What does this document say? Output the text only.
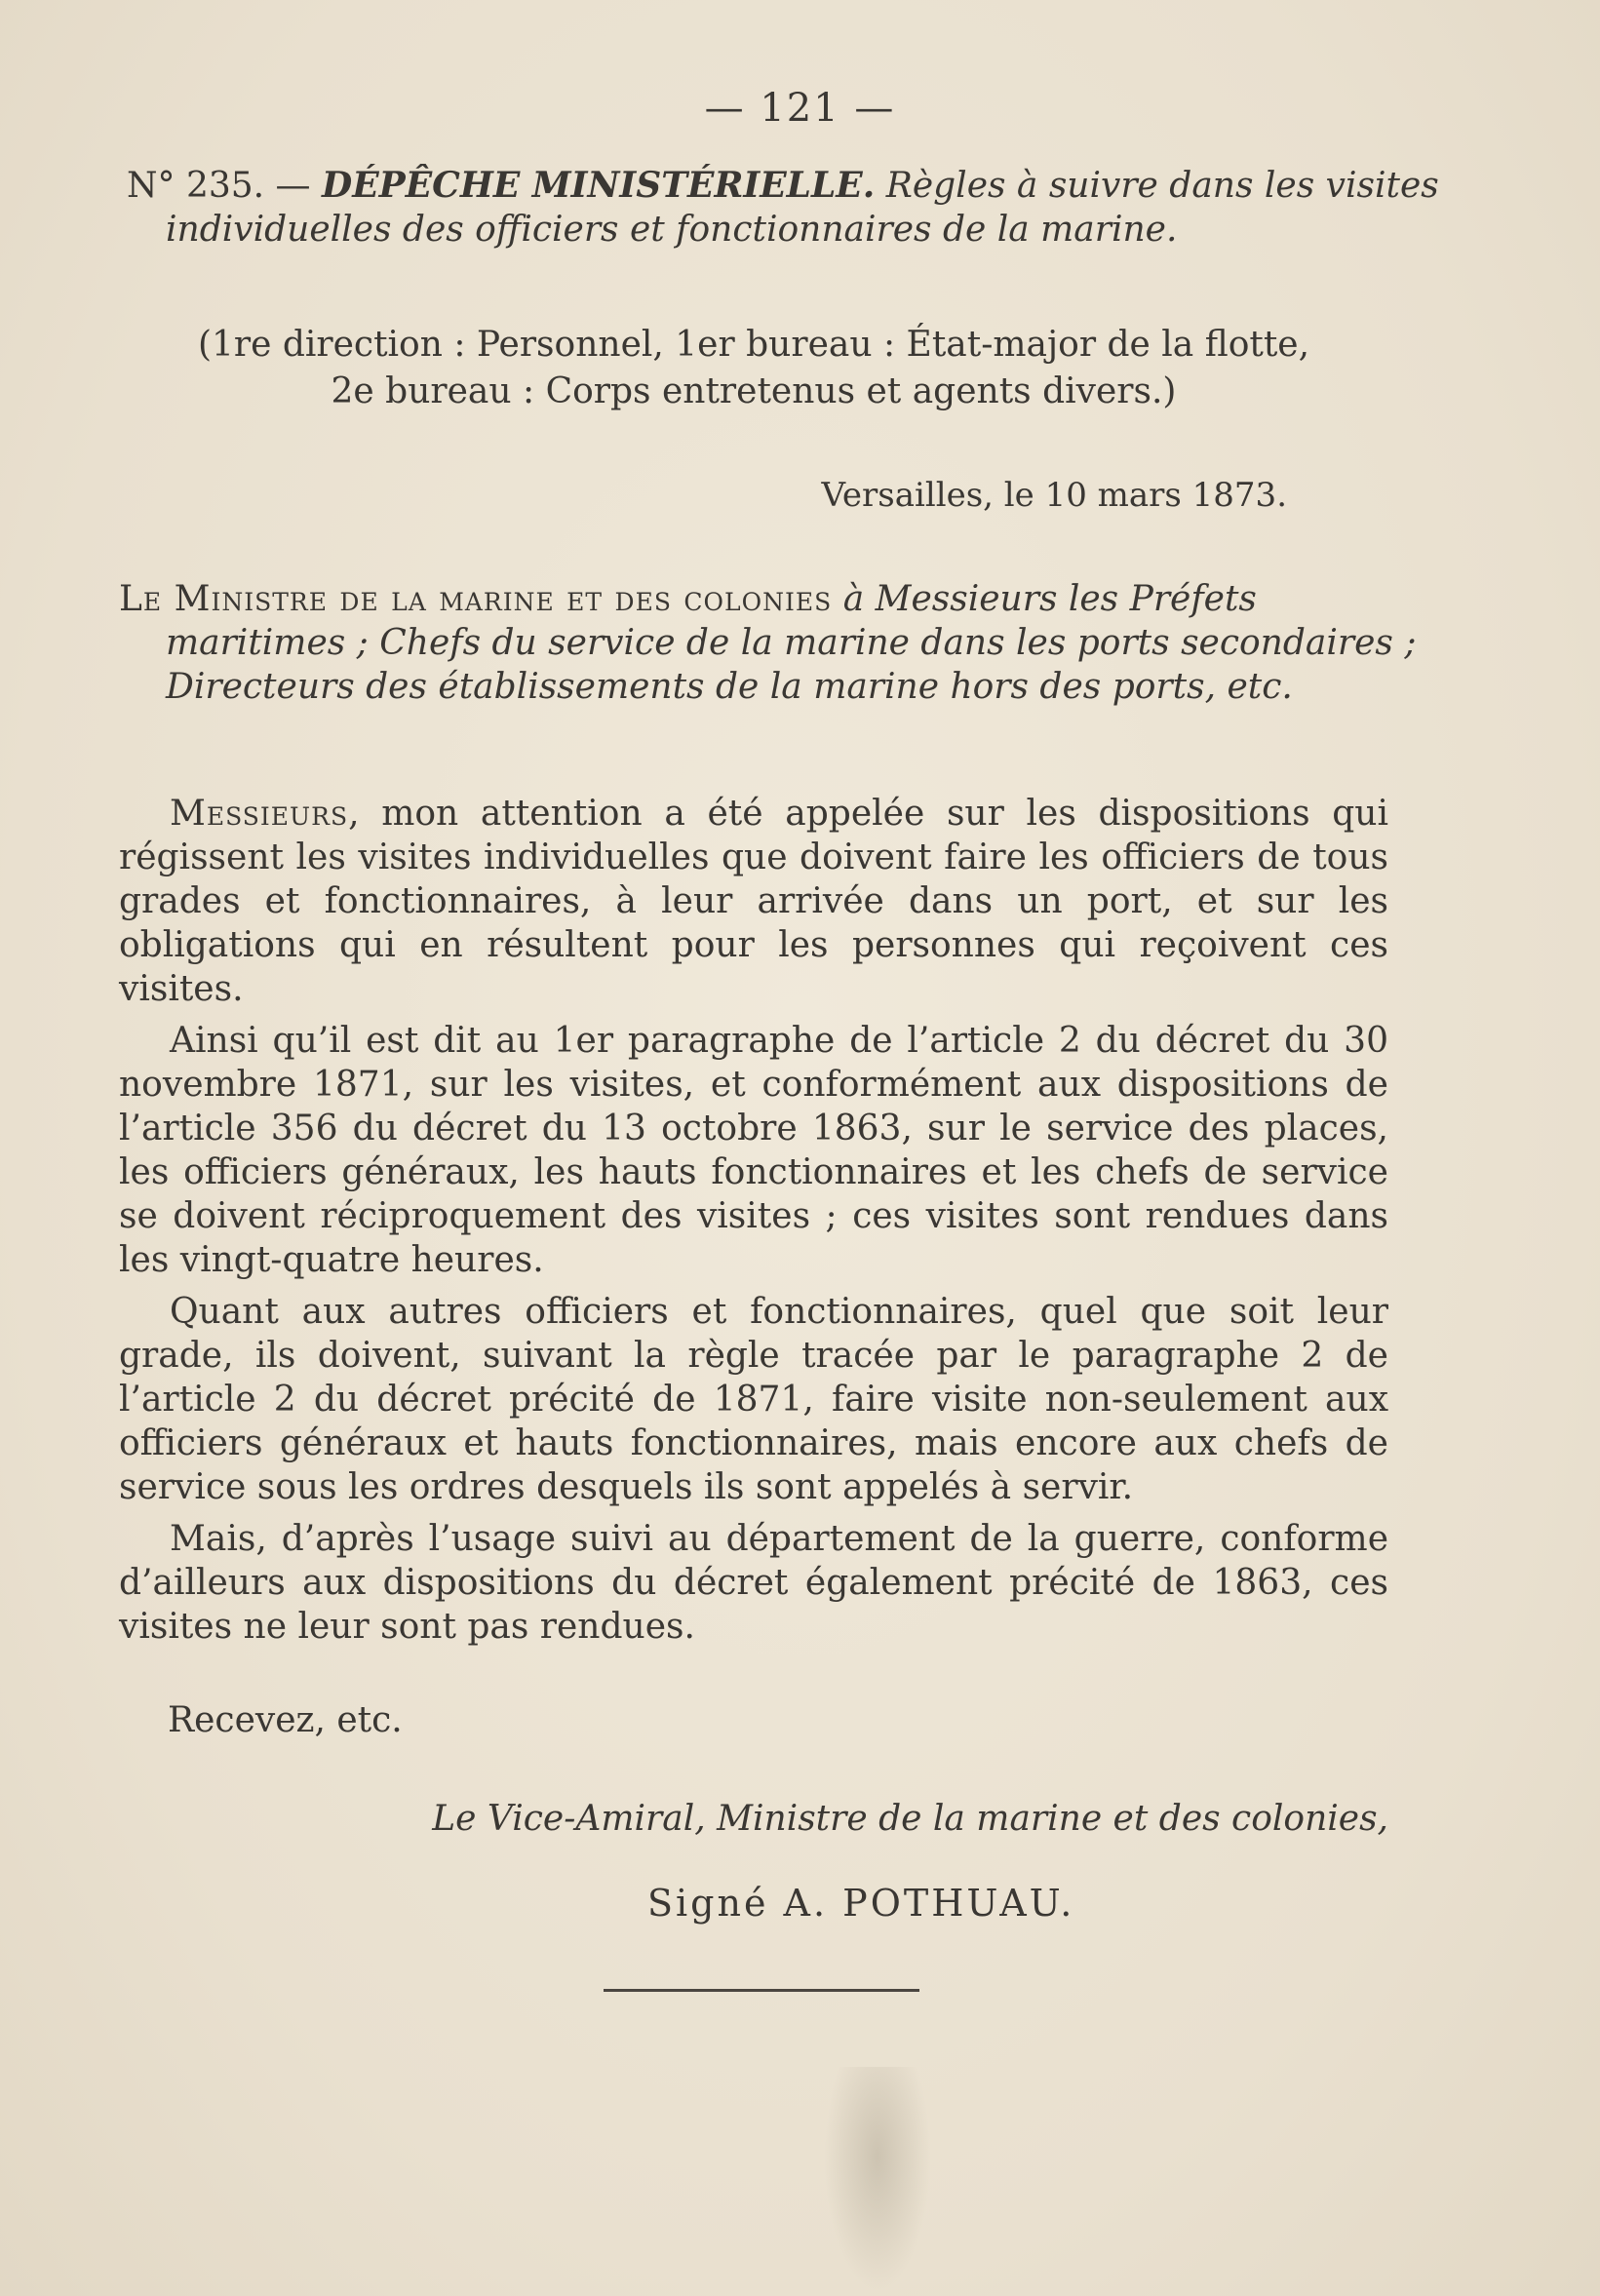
— 121 —
N° 235. — DÉPÊCHE MINISTÉRIELLE. Règles à suivre dans les visites individuelles des officiers et fonctionnaires de la marine.
(1re direction : Personnel, 1er bureau : État-major de la flotte,
2e bureau : Corps entretenus et agents divers.)
Versailles, le 10 mars 1873.
Le Ministre de la marine et des colonies à Messieurs les Préfets maritimes ; Chefs du service de la marine dans les ports secondaires ; Directeurs des établissements de la marine hors des ports, etc.

Messieurs, mon attention a été appelée sur les dispositions qui régissent les visites individuelles que doivent faire les officiers de tous grades et fonctionnaires, à leur arrivée dans un port, et sur les obligations qui en résultent pour les personnes qui reçoivent ces visites.

Ainsi qu’il est dit au 1er paragraphe de l’article 2 du décret du 30 novembre 1871, sur les visites, et conformément aux dispositions de l’article 356 du décret du 13 octobre 1863, sur le service des places, les officiers généraux, les hauts fonctionnaires et les chefs de service se doivent réciproquement des visites ; ces visites sont rendues dans les vingt-quatre heures.

Quant aux autres officiers et fonctionnaires, quel que soit leur grade, ils doivent, suivant la règle tracée par le paragraphe 2 de l’article 2 du décret précité de 1871, faire visite non-seulement aux officiers généraux et hauts fonctionnaires, mais encore aux chefs de service sous les ordres desquels ils sont appelés à servir.

Mais, d’après l’usage suivi au département de la guerre, conforme d’ailleurs aux dispositions du décret également précité de 1863, ces visites ne leur sont pas rendues.

Recevez, etc.
Le Vice-Amiral, Ministre de la marine et des colonies,
Signé A. POTHUAU.
